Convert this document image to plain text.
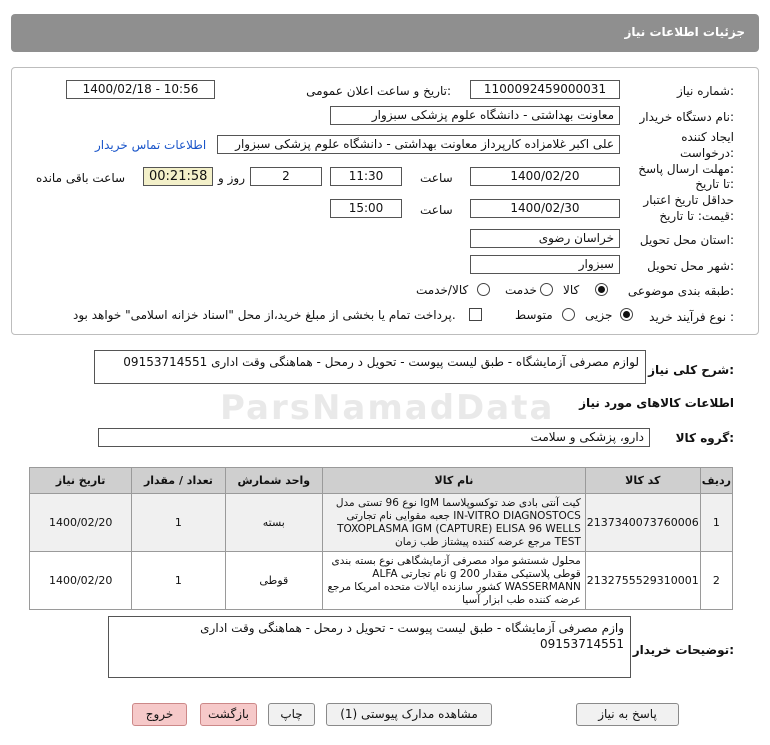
جزئیات اطلاعات نیاز
شماره نیاز:
1100092459000031
تاریخ و ساعت اعلان عمومی:
1400/02/18 - 10:56
نام دستگاه خریدار:
معاونت بهداشتی - دانشگاه علوم پزشکی سبزوار
ایجاد کننده
درخواست:
علی اکبر غلامزاده کارپرداز معاونت بهداشتی - دانشگاه علوم پزشکی سبزوار
اطلاعات تماس خریدار
مهلت ارسال پاسخ:
تا تاریخ:
1400/02/20
ساعت
11:30
2
روز و
00:21:58
ساعت باقی مانده
حداقل تاریخ اعتبار
قیمت: تا تاریخ:
1400/02/30
ساعت
15:00
استان محل تحویل:
خراسان رضوی
شهر محل تحویل:
سبزوار
طبقه بندی موضوعی:
کالا
خدمت
کالا/خدمت
نوع فرآیند خرید :
جزیی
متوسط
پرداخت تمام یا بخشی از مبلغ خرید،از محل "اسناد خزانه اسلامی" خواهد بود.
شرح کلی نیاز:
لوازم مصرفی آزمایشگاه - طبق لیست پیوست - تحویل د رمحل - هماهنگی وقت اداری 09153714551
ParsNamadData اطلاعات کالاهای مورد نیاز
گروه کالا:
دارو، پزشکی و سلامت
ردیف	کد کالا	نام کالا	واحد شمارش	تعداد / مقدار	تاریخ نیاز
1	2137340073760006	کیت آنتی بادی ضد توکسوپلاسما IgM نوع 96 تستی مدل IN-VITRO DIAGNOSTOCS جعبه مقوایی نام تجارتی TOXOPLASMA IGM (CAPTURE) ELISA 96 WELLS TEST مرجع عرضه کننده پیشتاز طب زمان	بسته	1	1400/02/20
2	2132755529310001	محلول شستشو مواد مصرفی آزمایشگاهی نوع بسته بندی قوطی پلاستیکی مقدار 200 g نام تجارتی ALFA WASSERMANN کشور سازنده ایالات متحده امریکا مرجع عرضه کننده طب ابزار آسیا	قوطی	1	1400/02/20
توضیحات خریدار:
وازم مصرفی آزمایشگاه - طبق لیست پیوست - تحویل د رمحل - هماهنگی وقت اداری 09153714551
پاسخ به نیاز
مشاهده مدارک پیوستی (1)
چاپ
بازگشت
خروج
